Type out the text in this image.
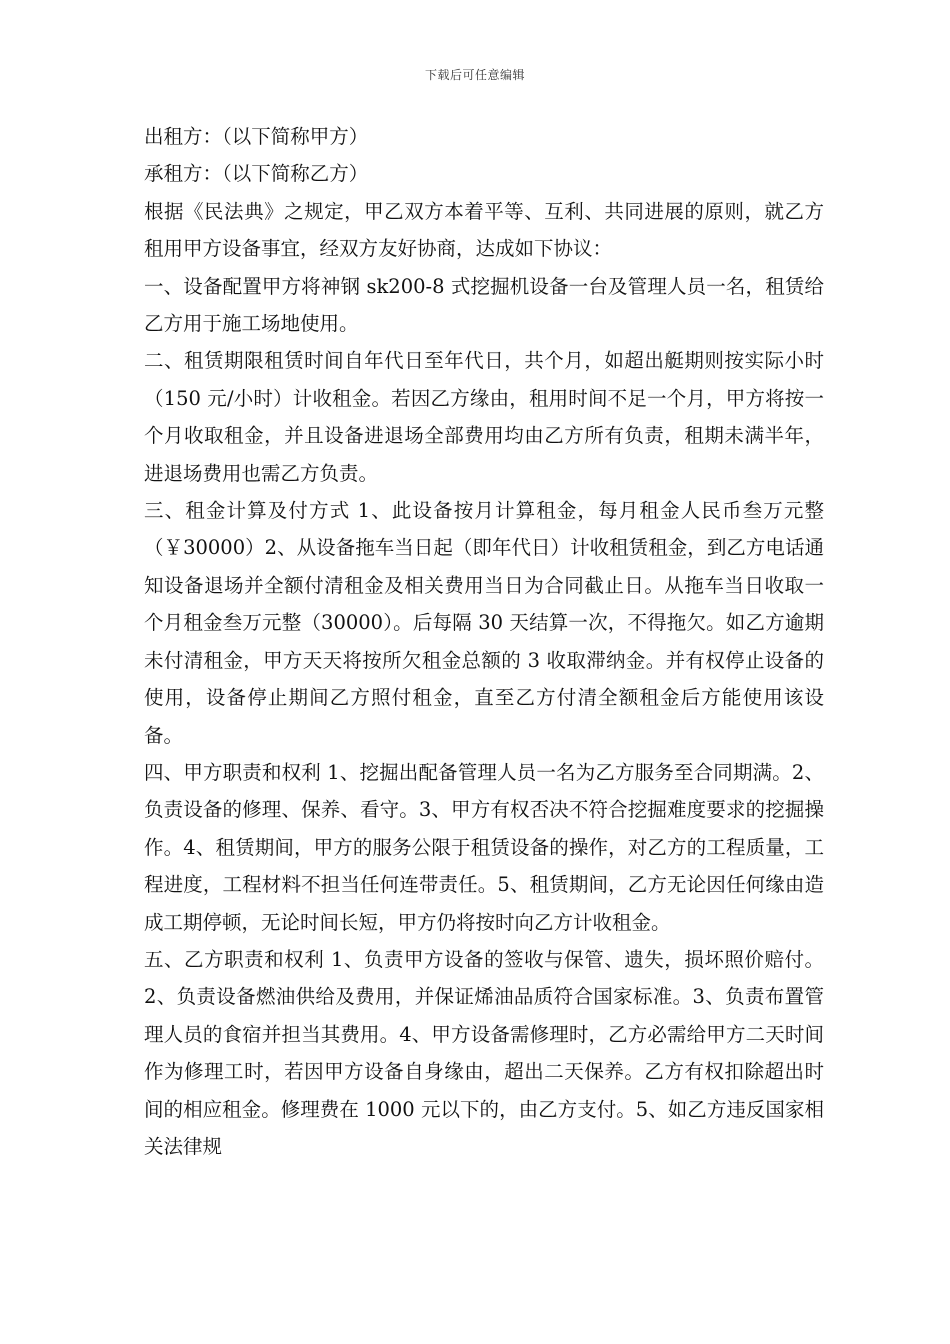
下载后可任意编辑

出租方：（以下简称甲方）

承租方：（以下简称乙方）

根据《民法典》之规定，甲乙双方本着平等、互利、共同进展的原则，就乙方租用甲方设备事宜，经双方友好协商，达成如下协议：

一、设备配置甲方将神钢 sk200-8 式挖掘机设备一台及管理人员一名，租赁给乙方用于施工场地使用。

二、租赁期限租赁时间自年代日至年代日，共个月，如超出艇期则按实际小时（150 元/小时）计收租金。若因乙方缘由，租用时间不足一个月，甲方将按一个月收取租金，并且设备进退场全部费用均由乙方所有负责，租期未满半年，进退场费用也需乙方负责。

三、租金计算及付方式 1、此设备按月计算租金，每月租金人民币叁万元整（￥30000）2、从设备拖车当日起（即年代日）计收租赁租金，到乙方电话通知设备退场并全额付清租金及相关费用当日为合同截止日。从拖车当日收取一个月租金叁万元整（30000）。后每隔 30 天结算一次，不得拖欠。如乙方逾期未付清租金，甲方天天将按所欠租金总额的 3 收取滞纳金。并有权停止设备的使用，设备停止期间乙方照付租金，直至乙方付清全额租金后方能使用该设备。

四、甲方职责和权利 1、挖掘出配备管理人员一名为乙方服务至合同期满。2、负责设备的修理、保养、看守。3、甲方有权否决不符合挖掘难度要求的挖掘操作。4、租赁期间，甲方的服务公限于租赁设备的操作，对乙方的工程质量，工程进度，工程材料不担当任何连带责任。5、租赁期间，乙方无论因任何缘由造成工期停顿，无论时间长短，甲方仍将按时向乙方计收租金。

五、乙方职责和权利 1、负责甲方设备的签收与保管、遗失，损坏照价赔付。2、负责设备燃油供给及费用，并保证烯油品质符合国家标准。3、负责布置管理人员的食宿并担当其费用。4、甲方设备需修理时，乙方必需给甲方二天时间作为修理工时，若因甲方设备自身缘由，超出二天保养。乙方有权扣除超出时间的相应租金。修理费在 1000 元以下的，由乙方支付。5、如乙方违反国家相关法律规
